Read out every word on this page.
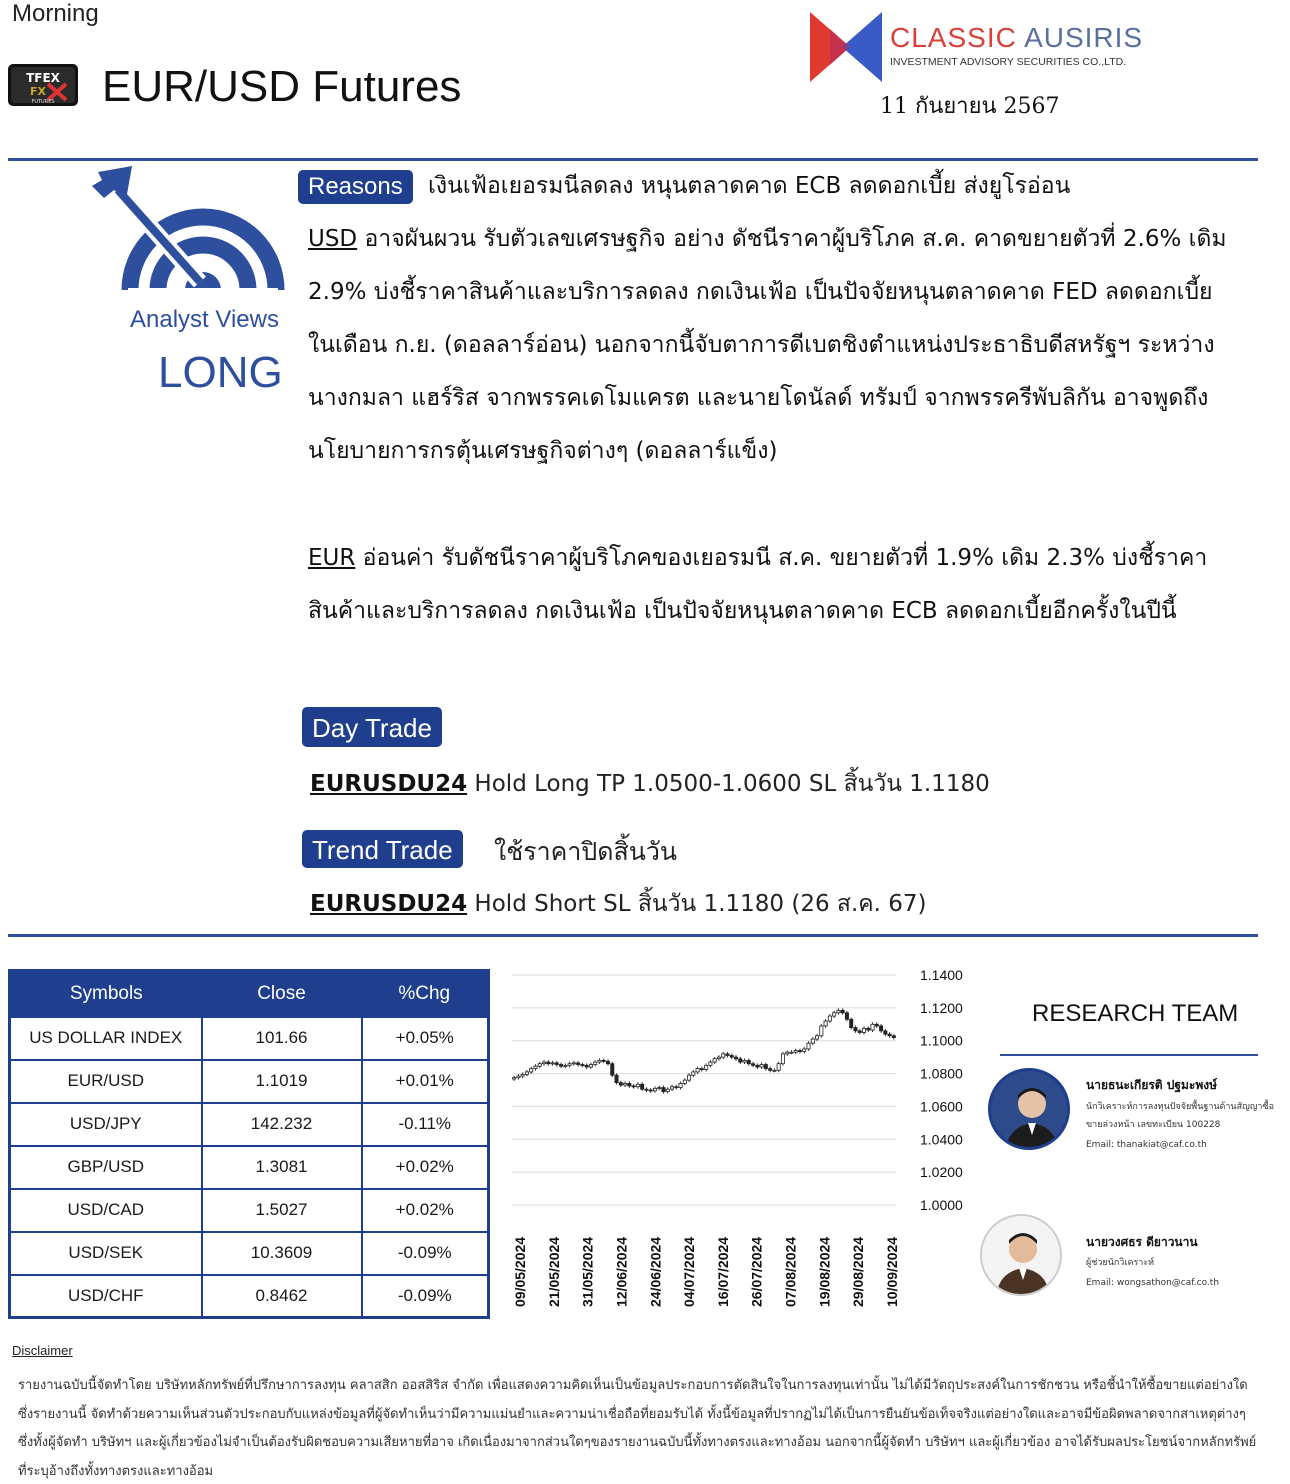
Morning
TFEX
FX
FUTURES EUR/USD Futures
CLASSIC AUSIRIS
INVESTMENT ADVISORY SECURITIES CO.,LTD.
11 กันยายน 2567
Analyst Views
LONG
Reasons	เงินเฟ้อเยอรมนีลดลง หนุนตลาดคาด ECB ลดดอกเบี้ย ส่งยูโรอ่อน
USD อาจผันผวน รับตัวเลขเศรษฐกิจ อย่าง ดัชนีราคาผู้บริโภค ส.ค. คาดขยายตัวที่ 2.6% เดิม 2.9% บ่งชี้ราคาสินค้าและบริการลดลง กดเงินเฟ้อ เป็นปัจจัยหนุนตลาดคาด FED ลดดอกเบี้ยในเดือน ก.ย. (ดอลลาร์อ่อน) นอกจากนี้จับตาการดีเบตชิงตำแหน่งประธาธิบดีสหรัฐฯ ระหว่างนางกมลา แฮร์ริส จากพรรคเดโมแครต และนายโดนัลด์ ทรัมป์ จากพรรครีพับลิกัน อาจพูดถึงนโยบายการกรตุ้นเศรษฐกิจต่างๆ (ดอลลาร์แข็ง)
EUR อ่อนค่า รับดัชนีราคาผู้บริโภคของเยอรมนี ส.ค. ขยายตัวที่ 1.9% เดิม 2.3% บ่งชี้ราคาสินค้าและบริการลดลง กดเงินเฟ้อ เป็นปัจจัยหนุนตลาดคาด ECB ลดดอกเบี้ยอีกครั้งในปีนี้
Day Trade
EURUSDU24 Hold Long TP 1.0500-1.0600 SL สิ้นวัน 1.1180
Trend Trade	ใช้ราคาปิดสิ้นวัน
EURUSDU24 Hold Short SL สิ้นวัน 1.1180 (26 ส.ค. 67)
Symbols	Close	%Chg
US DOLLAR INDEX	101.66	+0.05%
EUR/USD	1.1019	+0.01%
USD/JPY	142.232	-0.11%
GBP/USD	1.3081	+0.02%
USD/CAD	1.5027	+0.02%
USD/SEK	10.3609	-0.09%
USD/CHF	0.8462	-0.09%
1.1400
1.1200
1.1000
1.0800
1.0600
1.0400
1.0200
1.0000
09/05/2024 21/05/2024 31/05/2024 12/06/2024 24/06/2024 04/07/2024 16/07/2024 26/07/2024 07/08/2024 19/08/2024 29/08/2024 10/09/2024
RESEARCH TEAM
นายธนะเกียรติ ปฐมะพงษ์
นักวิเคราะห์การลงทุนปัจจัยพื้นฐานด้านสัญญาซื้อขายล่วงหน้า เลขทะเบียน 100228
Email: thanakiat@caf.co.th
นายวงศธร ดียาวนาน
ผู้ช่วยนักวิเคราะห์
Email: wongsathon@caf.co.th
Disclaimer
รายงานฉบับนี้จัดทำโดย บริษัทหลักทรัพย์ที่ปรึกษาการลงทุน คลาสสิก ออสสิริส จำกัด เพื่อแสดงความคิดเห็นเป็นข้อมูลประกอบการตัดสินใจในการลงทุนเท่านั้น ไม่ได้มีวัตถุประสงค์ในการชักชวน หรือชี้นำให้ซื้อขายแต่อย่างใด ซึ่งรายงานนี้ จัดทำด้วยความเห็นส่วนตัวประกอบกับแหล่งข้อมูลที่ผู้จัดทำเห็นว่ามีความแม่นยำและความน่าเชื่อถือที่ยอมรับได้ ทั้งนี้ข้อมูลที่ปรากฏไม่ได้เป็นการยืนยันข้อเท็จจริงแต่อย่างใดและอาจมีข้อผิดพลาดจากสาเหตุต่างๆ ซึ่งทั้งผู้จัดทำ บริษัทฯ และผู้เกี่ยวข้องไม่จำเป็นต้องรับผิดชอบความเสียหายที่อาจ เกิดเนื่องมาจากส่วนใดๆของรายงานฉบับนี้ทั้งทางตรงและทางอ้อม นอกจากนี้ผู้จัดทำ บริษัทฯ และผู้เกี่ยวข้อง อาจได้รับผลประโยชน์จากหลักทรัพย์ที่ระบุอ้างถึงทั้งทางตรงและทางอ้อม
